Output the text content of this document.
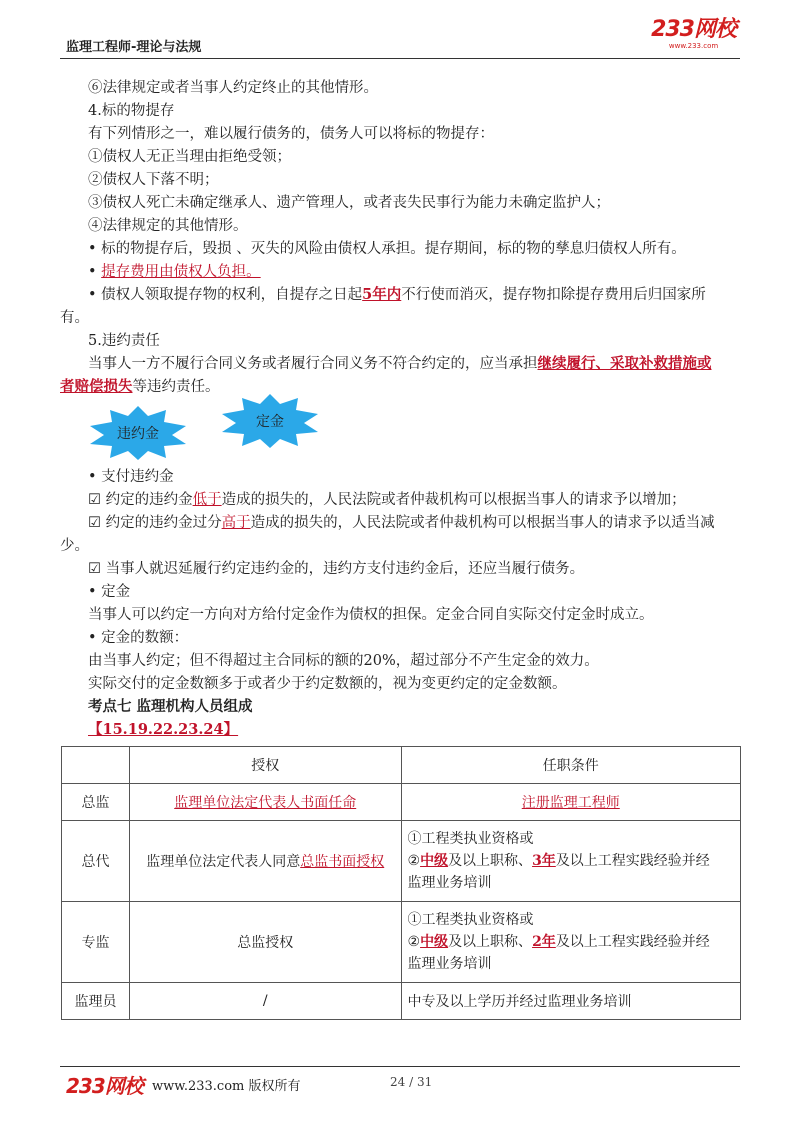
监理工程师-理论与法规
233网校
www.233.com
⑥法律规定或者当事人约定终止的其他情形。
4.标的物提存
有下列情形之一，难以履行债务的，债务人可以将标的物提存：
①债权人无正当理由拒绝受领；
②债权人下落不明；
③债权人死亡未确定继承人、遗产管理人，或者丧失民事行为能力未确定监护人；
④法律规定的其他情形。
• 标的物提存后，毁损 、灭失的风险由债权人承担。提存期间，标的物的孳息归债权人所有。
• 提存费用由债权人负担。
• 债权人领取提存物的权利，自提存之日起5年内不行使而消灭，提存物扣除提存费用后归国家所
有。
5.违约责任
当事人一方不履行合同义务或者履行合同义务不符合约定的，应当承担继续履行、采取补救措施或
者赔偿损失等违约责任。
违约金
定金
• 支付违约金
☑ 约定的违约金低于造成的损失的，人民法院或者仲裁机构可以根据当事人的请求予以增加；
☑ 约定的违约金过分高于造成的损失的，人民法院或者仲裁机构可以根据当事人的请求予以适当减
少。
☑ 当事人就迟延履行约定违约金的，违约方支付违约金后，还应当履行债务。
• 定金
当事人可以约定一方向对方给付定金作为债权的担保。定金合同自实际交付定金时成立。
• 定金的数额：
由当事人约定；但不得超过主合同标的额的20%，超过部分不产生定金的效力。
实际交付的定金数额多于或者少于约定数额的，视为变更约定的定金数额。
考点七 监理机构人员组成
【15.19.22.23.24】
	授权	任职条件
总监	监理单位法定代表人书面任命	注册监理工程师
总代	监理单位法定代表人同意总监书面授权	①工程类执业资格或
②中级及以上职称、3年及以上工程实践经验并经
监理业务培训

专监	总监授权	①工程类执业资格或
②中级及以上职称、2年及以上工程实践经验并经
监理业务培训

监理员	/	中专及以上学历并经过监理业务培训
233网校 www.233.com 版权所有	24 / 31
